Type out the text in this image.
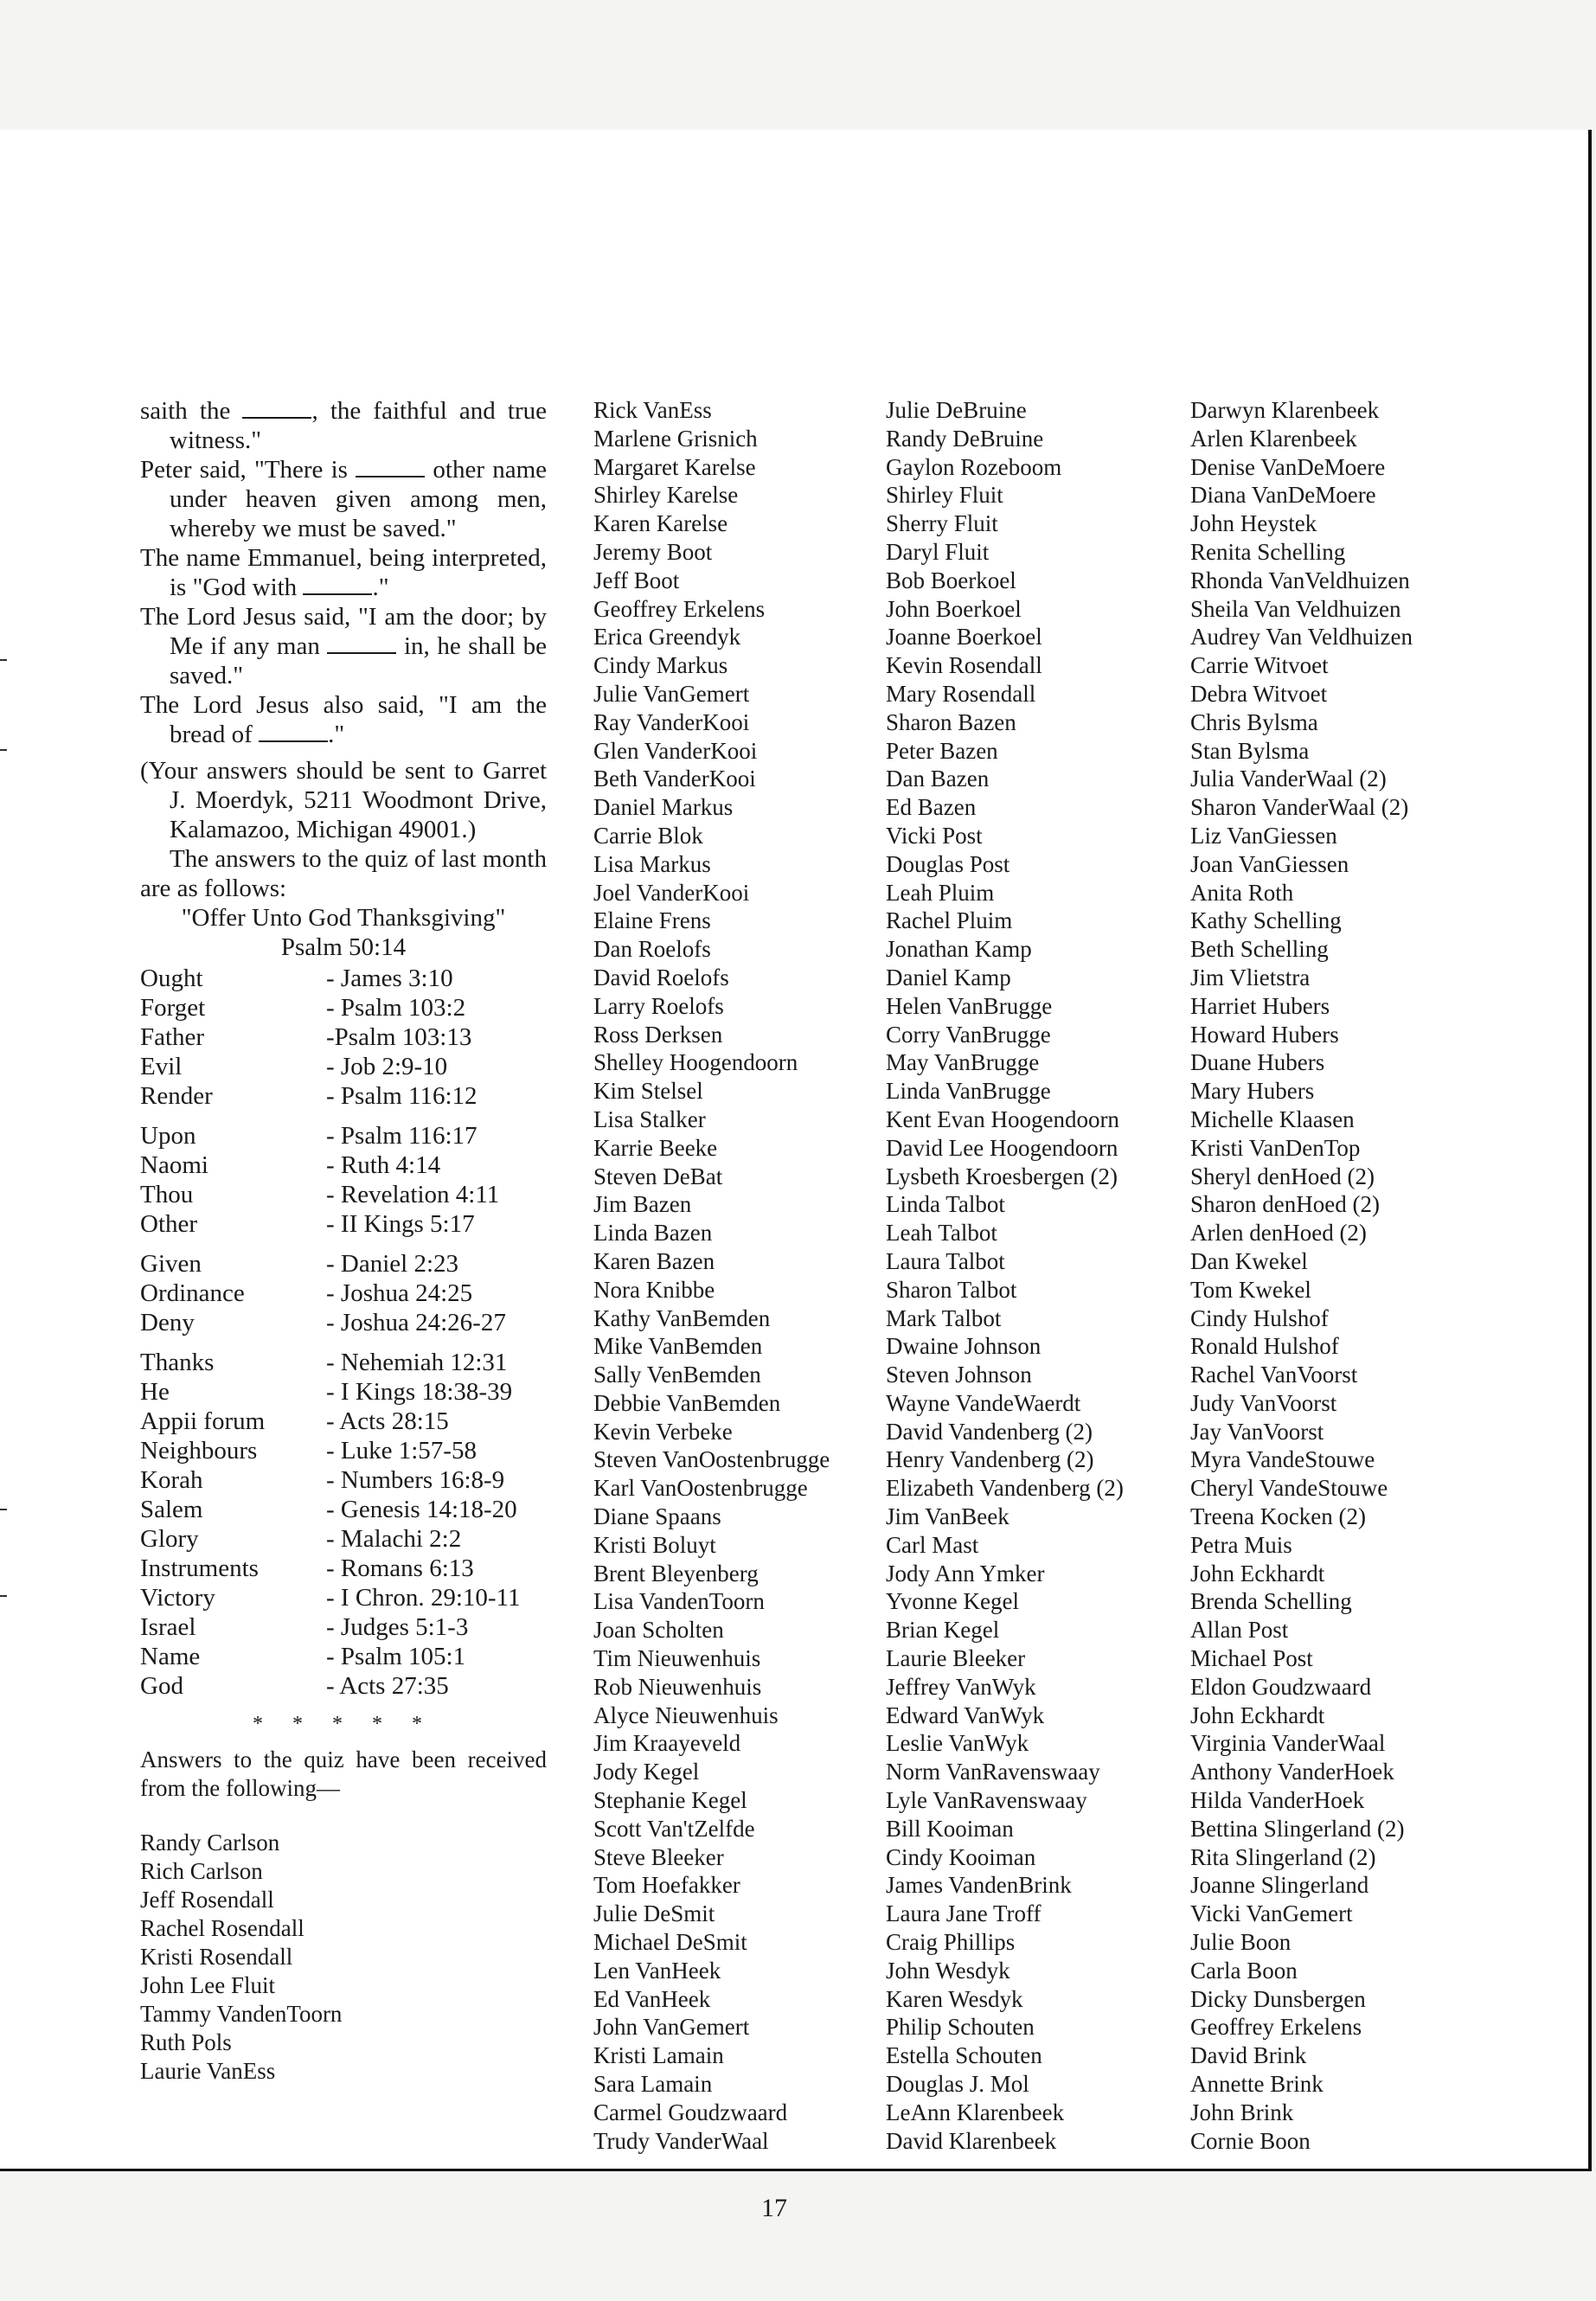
saith the	, the faithful and true witness."

Peter said, "There is	other name under heaven given among men, whereby we must be saved."

The name Emmanuel, being interpreted, is "God with	."

The Lord Jesus said, "I am the door; by Me if any man	in, he shall be saved."

The Lord Jesus also said, "I am the bread of	."

(Your answers should be sent to Garret J. Moerdyk, 5211 Woodmont Drive, Kalamazoo, Michigan 49001.)

The answers to the quiz of last month are as follows:

"Offer Unto God Thanksgiving"

Psalm 50:14

Ought	- James 3:10
Forget	- Psalm 103:2
Father	-Psalm 103:13
Evil	- Job 2:9-10
Render	- Psalm 116:12

Upon	- Psalm 116:17
Naomi	- Ruth 4:14
Thou	- Revelation 4:11
Other	- II Kings 5:17

Given	- Daniel 2:23
Ordinance	- Joshua 24:25
Deny	- Joshua 24:26-27

Thanks	- Nehemiah 12:31
He	- I Kings 18:38-39
Appii forum	- Acts 28:15
Neighbours	- Luke 1:57-58
Korah	- Numbers 16:8-9
Salem	- Genesis 14:18-20
Glory	- Malachi 2:2
Instruments	- Romans 6:13
Victory	- I Chron. 29:10-11
Israel	- Judges 5:1-3
Name	- Psalm 105:1
God	- Acts 27:35
* * * * *
Answers to the quiz have been received from the following—
Randy Carlson
Rich Carlson
Jeff Rosendall
Rachel Rosendall
Kristi Rosendall
John Lee Fluit
Tammy VandenToorn
Ruth Pols
Laurie VanEss
Rick VanEss
Marlene Grisnich
Margaret Karelse
Shirley Karelse
Karen Karelse
Jeremy Boot
Jeff Boot
Geoffrey Erkelens
Erica Greendyk
Cindy Markus
Julie VanGemert
Ray VanderKooi
Glen VanderKooi
Beth VanderKooi
Daniel Markus
Carrie Blok
Lisa Markus
Joel VanderKooi
Elaine Frens
Dan Roelofs
David Roelofs
Larry Roelofs
Ross Derksen
Shelley Hoogendoorn
Kim Stelsel
Lisa Stalker
Karrie Beeke
Steven DeBat
Jim Bazen
Linda Bazen
Karen Bazen
Nora Knibbe
Kathy VanBemden
Mike VanBemden
Sally VenBemden
Debbie VanBemden
Kevin Verbeke
Steven VanOostenbrugge
Karl VanOostenbrugge
Diane Spaans
Kristi Boluyt
Brent Bleyenberg
Lisa VandenToorn
Joan Scholten
Tim Nieuwenhuis
Rob Nieuwenhuis
Alyce Nieuwenhuis
Jim Kraayeveld
Jody Kegel
Stephanie Kegel
Scott Van'tZelfde
Steve Bleeker
Tom Hoefakker
Julie DeSmit
Michael DeSmit
Len VanHeek
Ed VanHeek
John VanGemert
Kristi Lamain
Sara Lamain
Carmel Goudzwaard
Trudy VanderWaal
Julie DeBruine
Randy DeBruine
Gaylon Rozeboom
Shirley Fluit
Sherry Fluit
Daryl Fluit
Bob Boerkoel
John Boerkoel
Joanne Boerkoel
Kevin Rosendall
Mary Rosendall
Sharon Bazen
Peter Bazen
Dan Bazen
Ed Bazen
Vicki Post
Douglas Post
Leah Pluim
Rachel Pluim
Jonathan Kamp
Daniel Kamp
Helen VanBrugge
Corry VanBrugge
May VanBrugge
Linda VanBrugge
Kent Evan Hoogendoorn
David Lee Hoogendoorn
Lysbeth Kroesbergen (2)
Linda Talbot
Leah Talbot
Laura Talbot
Sharon Talbot
Mark Talbot
Dwaine Johnson
Steven Johnson
Wayne VandeWaerdt
David Vandenberg (2)
Henry Vandenberg (2)
Elizabeth Vandenberg (2)
Jim VanBeek
Carl Mast
Jody Ann Ymker
Yvonne Kegel
Brian Kegel
Laurie Bleeker
Jeffrey VanWyk
Edward VanWyk
Leslie VanWyk
Norm VanRavenswaay
Lyle VanRavenswaay
Bill Kooiman
Cindy Kooiman
James VandenBrink
Laura Jane Troff
Craig Phillips
John Wesdyk
Karen Wesdyk
Philip Schouten
Estella Schouten
Douglas J. Mol
LeAnn Klarenbeek
David Klarenbeek
Darwyn Klarenbeek
Arlen Klarenbeek
Denise VanDeMoere
Diana VanDeMoere
John Heystek
Renita Schelling
Rhonda VanVeldhuizen
Sheila Van Veldhuizen
Audrey Van Veldhuizen
Carrie Witvoet
Debra Witvoet
Chris Bylsma
Stan Bylsma
Julia VanderWaal (2)
Sharon VanderWaal (2)
Liz VanGiessen
Joan VanGiessen
Anita Roth
Kathy Schelling
Beth Schelling
Jim Vlietstra
Harriet Hubers
Howard Hubers
Duane Hubers
Mary Hubers
Michelle Klaasen
Kristi VanDenTop
Sheryl denHoed (2)
Sharon denHoed (2)
Arlen denHoed (2)
Dan Kwekel
Tom Kwekel
Cindy Hulshof
Ronald Hulshof
Rachel VanVoorst
Judy VanVoorst
Jay VanVoorst
Myra VandeStouwe
Cheryl VandeStouwe
Treena Kocken (2)
Petra Muis
John Eckhardt
Brenda Schelling
Allan Post
Michael Post
Eldon Goudzwaard
John Eckhardt
Virginia VanderWaal
Anthony VanderHoek
Hilda VanderHoek
Bettina Slingerland (2)
Rita Slingerland (2)
Joanne Slingerland
Vicki VanGemert
Julie Boon
Carla Boon
Dicky Dunsbergen
Geoffrey Erkelens
David Brink
Annette Brink
John Brink
Cornie Boon
17
